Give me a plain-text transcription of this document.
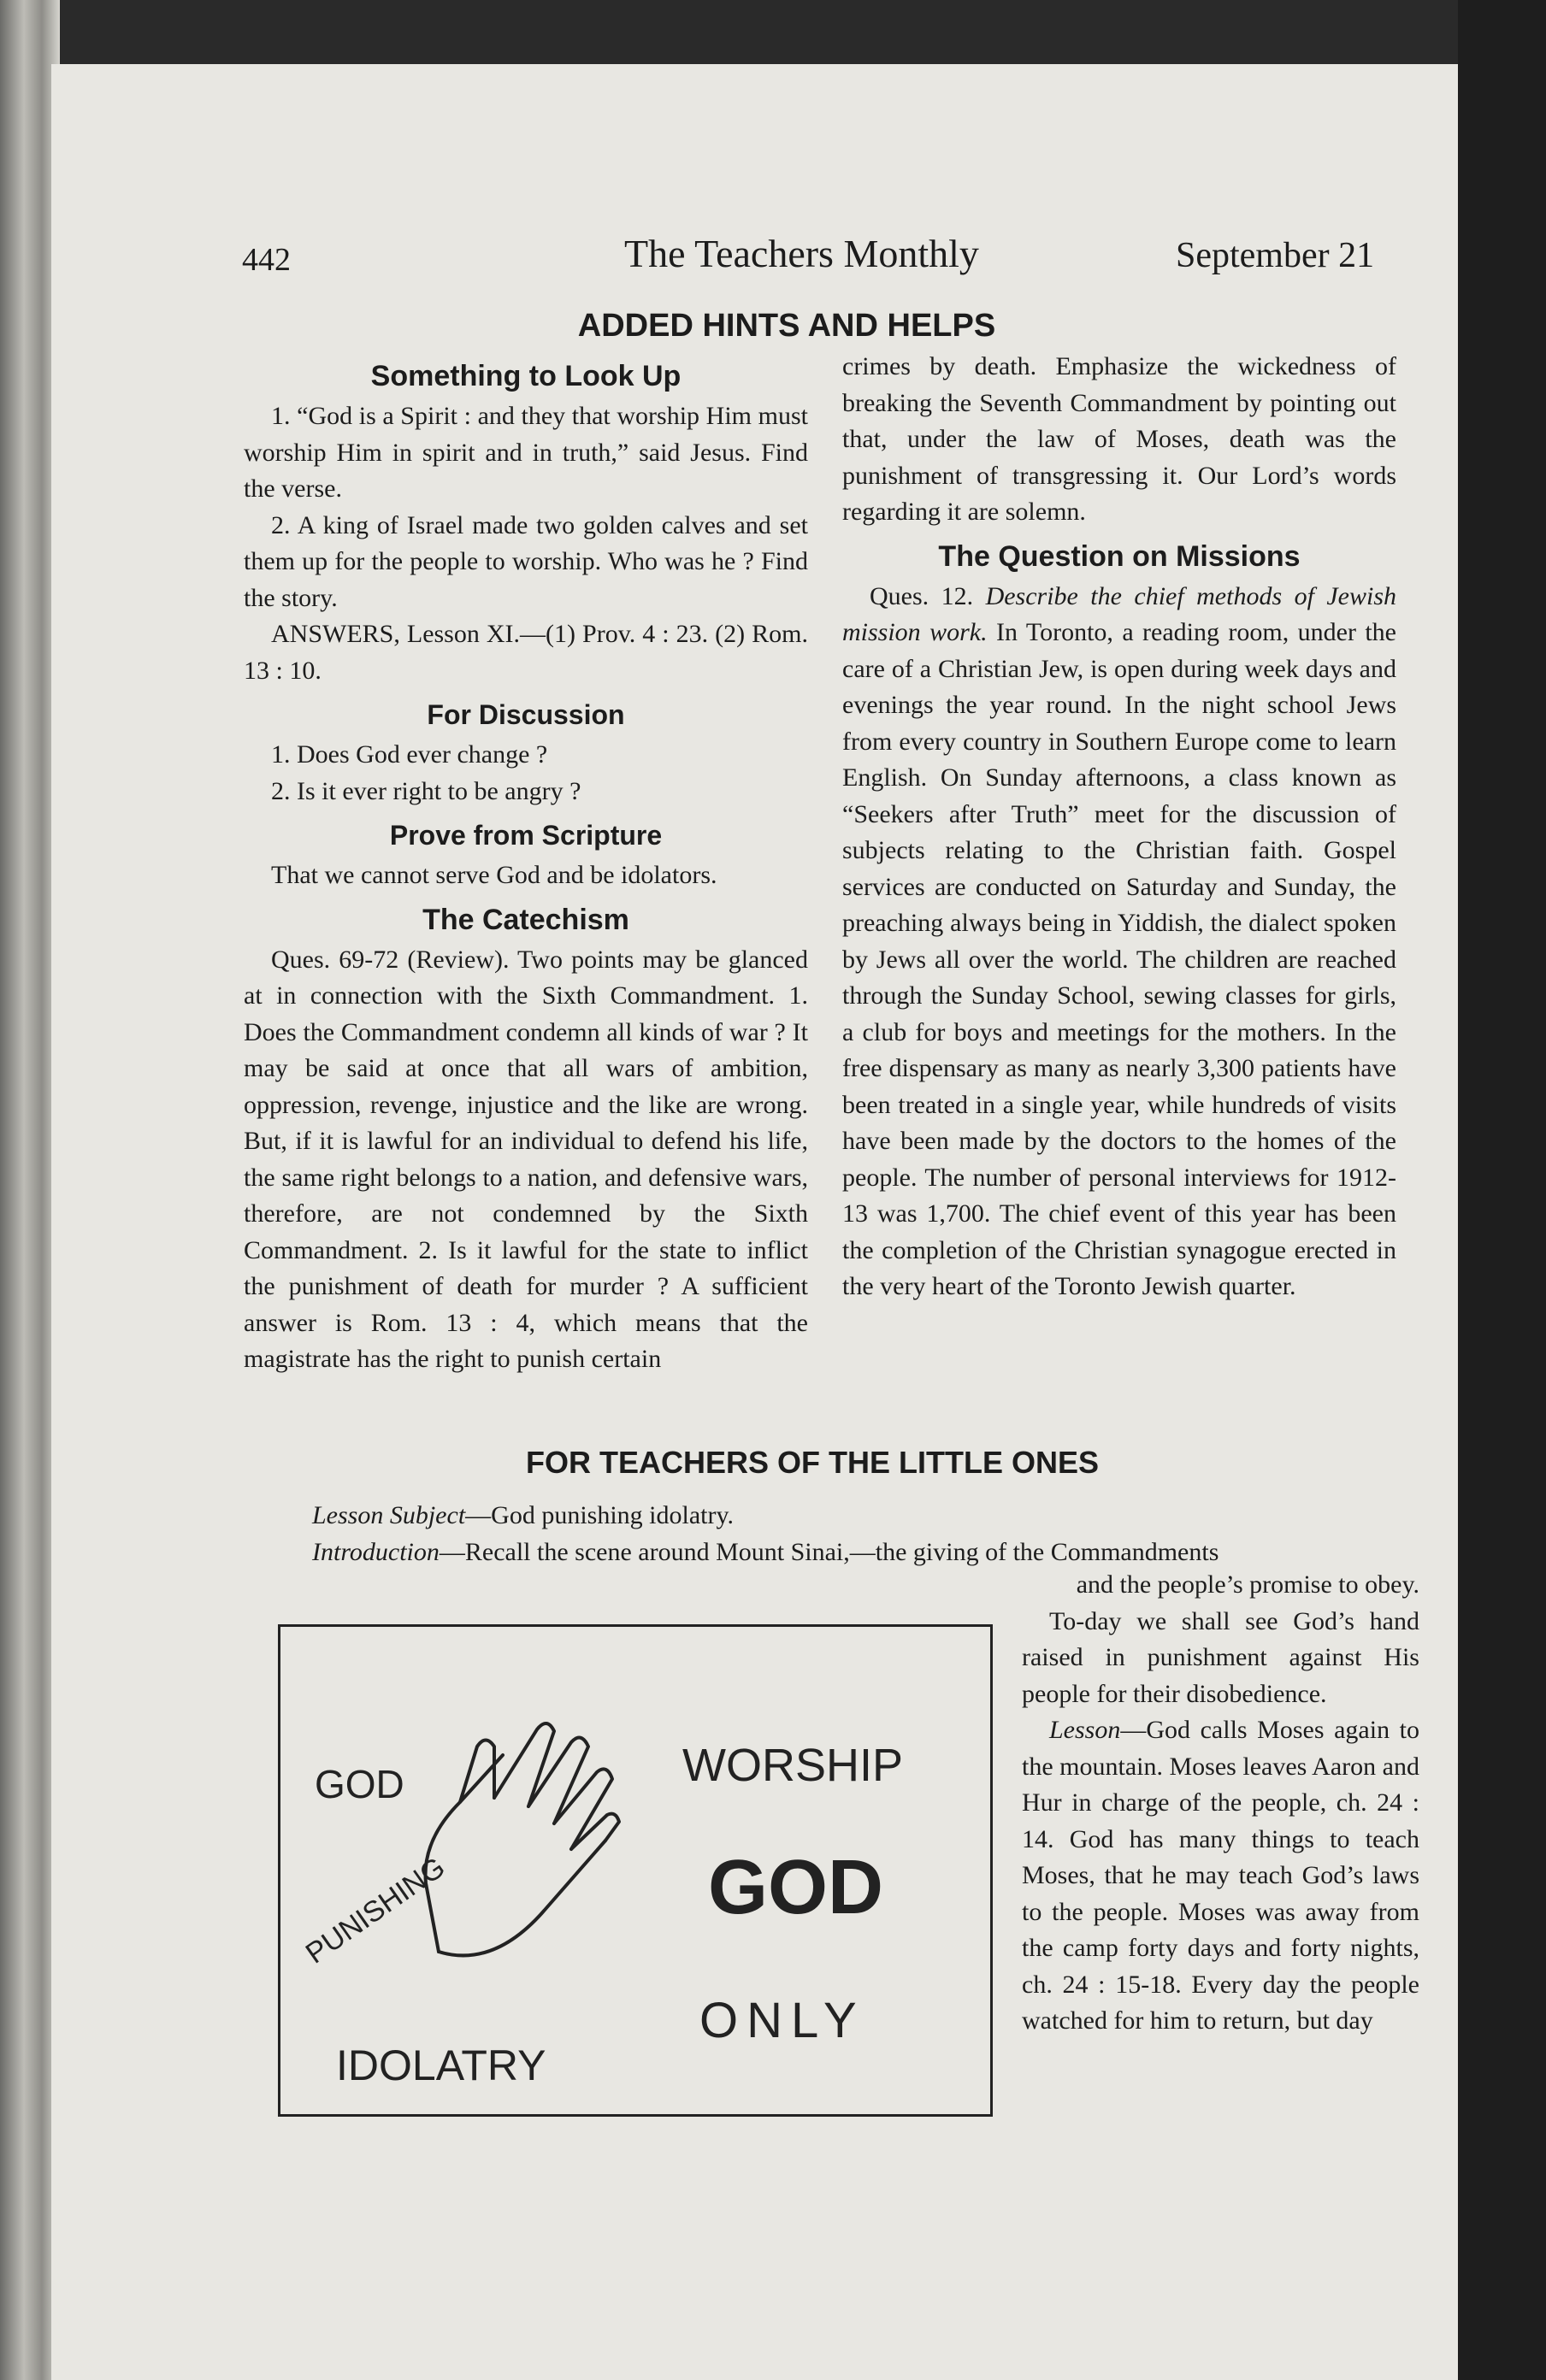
442	The Teachers Monthly	September 21
ADDED HINTS AND HELPS
Something to Look Up

1. “God is a Spirit : and they that worship Him must worship Him in spirit and in truth,” said Jesus. Find the verse.

2. A king of Israel made two golden calves and set them up for the people to worship. Who was he ? Find the story.

ANSWERS, Lesson XI.—(1) Prov. 4 : 23. (2) Rom. 13 : 10.

For Discussion

1. Does God ever change ?

2. Is it ever right to be angry ?

Prove from Scripture

That we cannot serve God and be idolators.

The Catechism

Ques. 69-72 (Review). Two points may be glanced at in connection with the Sixth Commandment. 1. Does the Commandment condemn all kinds of war ? It may be said at once that all wars of ambition, oppression, revenge, injustice and the like are wrong. But, if it is lawful for an individual to defend his life, the same right belongs to a nation, and defensive wars, therefore, are not condemned by the Sixth Commandment. 2. Is it lawful for the state to inflict the punishment of death for murder ? A sufficient answer is Rom. 13 : 4, which means that the magistrate has the right to punish certain

crimes by death. Emphasize the wickedness of breaking the Seventh Commandment by pointing out that, under the law of Moses, death was the punishment of transgressing it. Our Lord’s words regarding it are solemn.

The Question on Missions

Ques. 12. Describe the chief methods of Jewish mission work. In Toronto, a reading room, under the care of a Christian Jew, is open during week days and evenings the year round. In the night school Jews from every country in Southern Europe come to learn English. On Sunday afternoons, a class known as “Seekers after Truth” meet for the discussion of subjects relating to the Christian faith. Gospel services are conducted on Saturday and Sunday, the preaching always being in Yiddish, the dialect spoken by Jews all over the world. The children are reached through the Sunday School, sewing classes for girls, a club for boys and meetings for the mothers. In the free dispensary as many as nearly 3,300 patients have been treated in a single year, while hundreds of visits have been made by the doctors to the homes of the people. The number of personal interviews for 1912-13 was 1,700. The chief event of this year has been the completion of the Christian synagogue erected in the very heart of the Toronto Jewish quarter.

FOR TEACHERS OF THE LITTLE ONES

Lesson Subject—God punishing idolatry.

Introduction—Recall the scene around Mount Sinai,—the giving of the Commandments

and the people’s promise to obey.

To-day we shall see God’s hand raised in punishment against His people for their disobedience.

Lesson—God calls Moses again to the mountain. Moses leaves Aaron and Hur in charge of the people, ch. 24 : 14. God has many things to teach Moses, that he may teach God’s laws to the people. Moses was away from the camp forty days and forty nights, ch. 24 : 15-18. Every day the people watched for him to return, but day

GOD
PUNISHING
IDOLATRY
WORSHIP
GOD
ONLY
